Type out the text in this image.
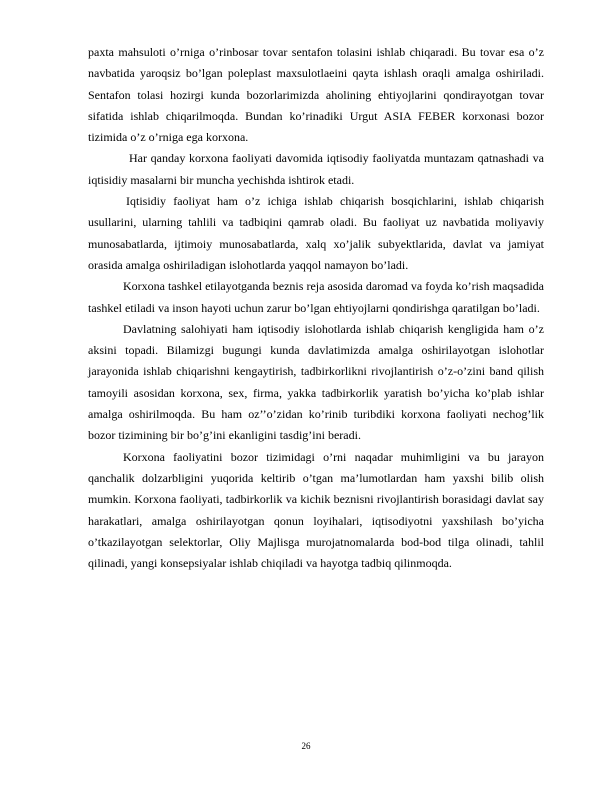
paxta mahsuloti o’rniga o’rinbosar tovar sentafon tolasini ishlab chiqaradi. Bu tovar esa o’z navbatida yaroqsiz bo’lgan poleplast maxsulotlaeini qayta ishlash oraqli amalga oshiriladi. Sentafon tolasi hozirgi kunda bozorlarimizda aholining ehtiyojlarini qondirayotgan tovar sifatida ishlab chiqarilmoqda. Bundan ko’rinadiki Urgut ASIA FEBER korxonasi bozor tizimida o’z o’rniga ega korxona.

Har qanday korxona faoliyati davomida iqtisodiy faoliyatda muntazam qatnashadi va iqtisidiy masalarni bir muncha yechishda ishtirok etadi.

Iqtisidiy faoliyat ham o’z ichiga ishlab chiqarish bosqichlarini, ishlab chiqarish usullarini, ularning tahlili va tadbiqini qamrab oladi. Bu faoliyat uz navbatida moliyaviy munosabatlarda, ijtimoiy munosabatlarda, xalq xo’jalik subyektlarida, davlat va jamiyat orasida amalga oshiriladigan islohotlarda yaqqol namayon bo’ladi.

Korxona tashkel etilayotganda beznis reja asosida daromad va foyda ko’rish maqsadida tashkel etiladi va inson hayoti uchun zarur bo’lgan ehtiyojlarni qondirishga qaratilgan bo’ladi.

Davlatning salohiyati ham iqtisodiy islohotlarda ishlab chiqarish kengligida ham o’z aksini topadi. Bilamizgi bugungi kunda davlatimizda amalga oshirilayotgan islohotlar jarayonida ishlab chiqarishni kengaytirish, tadbirkorlikni rivojlantirish o’z-o’zini band qilish tamoyili asosidan korxona, sex, firma, yakka tadbirkorlik yaratish bo’yicha ko’plab ishlar amalga oshirilmoqda. Bu ham oz’’o’zidan ko’rinib turibdiki korxona faoliyati nechog’lik bozor tizimining bir bo’g’ini ekanligini tasdig’ini beradi.

Korxona faoliyatini bozor tizimidagi o’rni naqadar muhimligini va bu jarayon qanchalik dolzarbligini yuqorida keltirib o’tgan ma’lumotlardan ham yaxshi bilib olish mumkin. Korxona faoliyati, tadbirkorlik va kichik beznisni rivojlantirish borasidagi davlat say harakatlari, amalga oshirilayotgan qonun loyihalari, iqtisodiyotni yaxshilash bo’yicha o’tkazilayotgan selektorlar, Oliy Majlisga murojatnomalarda bod-bod tilga olinadi, tahlil qilinadi, yangi konsepsiyalar ishlab chiqiladi va hayotga tadbiq qilinmoqda.

26
